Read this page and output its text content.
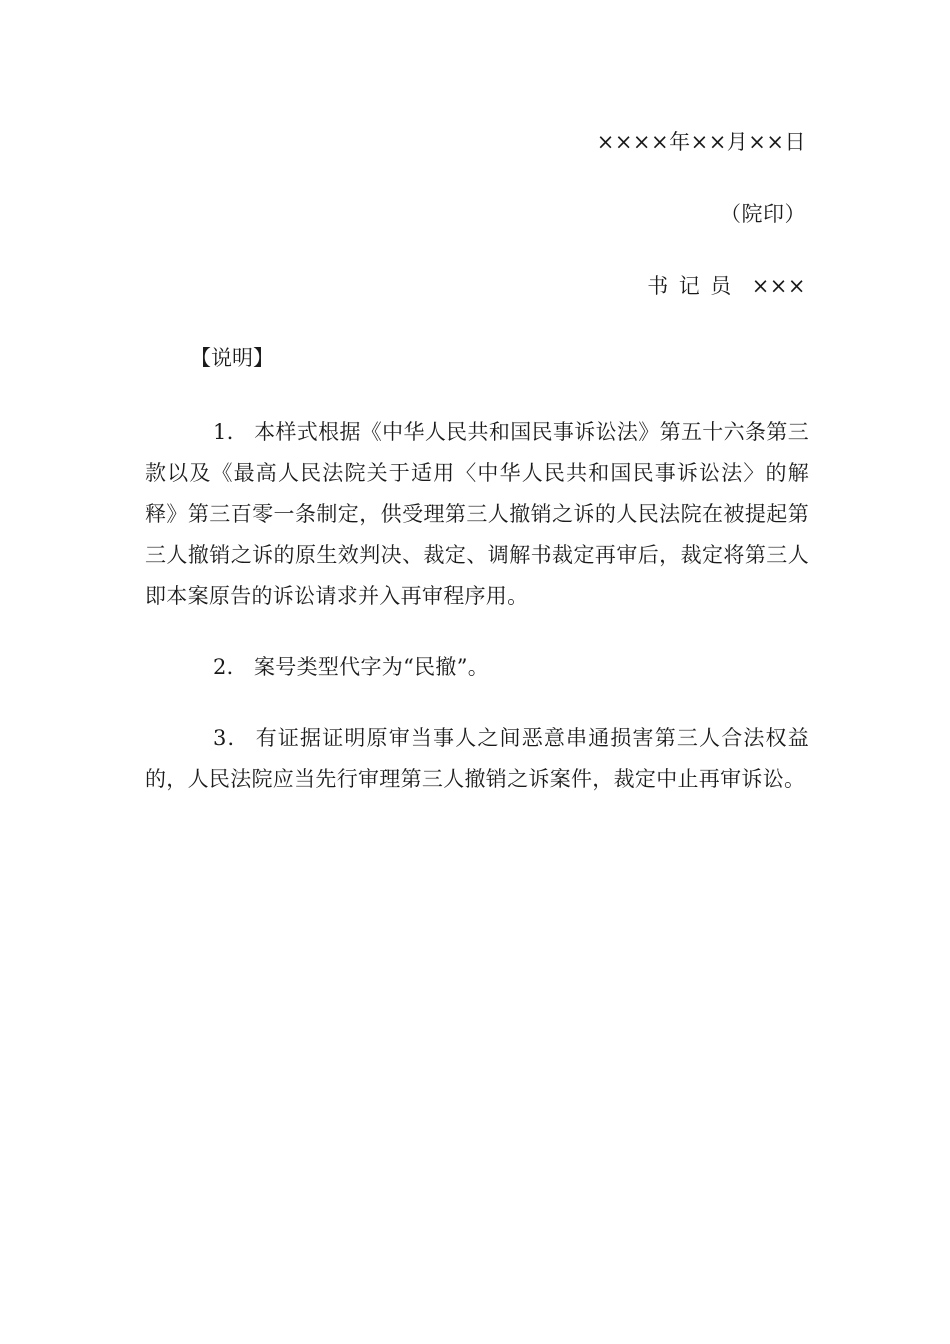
××××年××月××日
（院印）
书 记 员 ×××
【说明】

1． 本样式根据《中华人民共和国民事诉讼法》第五十六条第三款以及《最高人民法院关于适用〈中华人民共和国民事诉讼法〉的解释》第三百零一条制定，供受理第三人撤销之诉的人民法院在被提起第三人撤销之诉的原生效判决、裁定、调解书裁定再审后，裁定将第三人即本案原告的诉讼请求并入再审程序用。

2． 案号类型代字为“民撤”。

3． 有证据证明原审当事人之间恶意串通损害第三人合法权益的，人民法院应当先行审理第三人撤销之诉案件，裁定中止再审诉讼。
